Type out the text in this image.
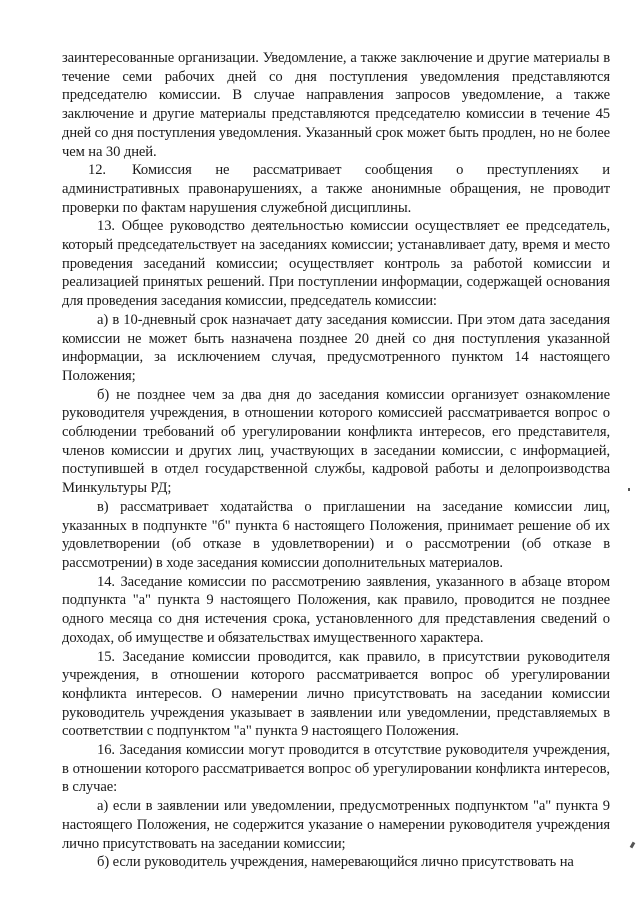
заинтересованные организации. Уведомление, а также заключение и другие материалы в течение семи рабочих дней со дня поступления уведомления представляются председателю комиссии. В случае направления запросов уведомление, а также заключение и другие материалы представляются председателю комиссии в течение 45 дней со дня поступления уведомления. Указанный срок может быть продлен, но не более чем на 30 дней.

12. Комиссия не рассматривает сообщения о преступлениях и административных правонарушениях, а также анонимные обращения, не проводит проверки по фактам нарушения служебной дисциплины.

13. Общее руководство деятельностью комиссии осуществляет ее председатель, который председательствует на заседаниях комиссии; устанавливает дату, время и место проведения заседаний комиссии; осуществляет контроль за работой комиссии и реализацией принятых решений. При поступлении информации, содержащей основания для проведения заседания комиссии, председатель комиссии:

а) в 10-дневный срок назначает дату заседания комиссии. При этом дата заседания комиссии не может быть назначена позднее 20 дней со дня поступления указанной информации, за исключением случая, предусмотренного пунктом 14 настоящего Положения;

б) не позднее чем за два дня до заседания комиссии организует ознакомление руководителя учреждения, в отношении которого комиссией рассматривается вопрос о соблюдении требований об урегулировании конфликта интересов, его представителя, членов комиссии и других лиц, участвующих в заседании комиссии, с информацией, поступившей в отдел государственной службы, кадровой работы и делопроизводства Минкультуры РД;

в) рассматривает ходатайства о приглашении на заседание комиссии лиц, указанных в подпункте "б" пункта 6 настоящего Положения, принимает решение об их удовлетворении (об отказе в удовлетворении) и о рассмотрении (об отказе в рассмотрении) в ходе заседания комиссии дополнительных материалов.

14. Заседание комиссии по рассмотрению заявления, указанного в абзаце втором подпункта "а" пункта 9 настоящего Положения, как правило, проводится не позднее одного месяца со дня истечения срока, установленного для представления сведений о доходах, об имуществе и обязательствах имущественного характера.

15. Заседание комиссии проводится, как правило, в присутствии руководителя учреждения, в отношении которого рассматривается вопрос об урегулировании конфликта интересов. О намерении лично присутствовать на заседании комиссии руководитель учреждения указывает в заявлении или уведомлении, представляемых в соответствии с подпунктом "а" пункта 9 настоящего Положения.

16. Заседания комиссии могут проводится в отсутствие руководителя учреждения, в отношении которого рассматривается вопрос об урегулировании конфликта интересов, в случае:

а) если в заявлении или уведомлении, предусмотренных подпунктом "а" пункта 9 настоящего Положения, не содержится указание о намерении руководителя учреждения лично присутствовать на заседании комиссии;

б) если руководитель учреждения, намеревающийся лично присутствовать на
